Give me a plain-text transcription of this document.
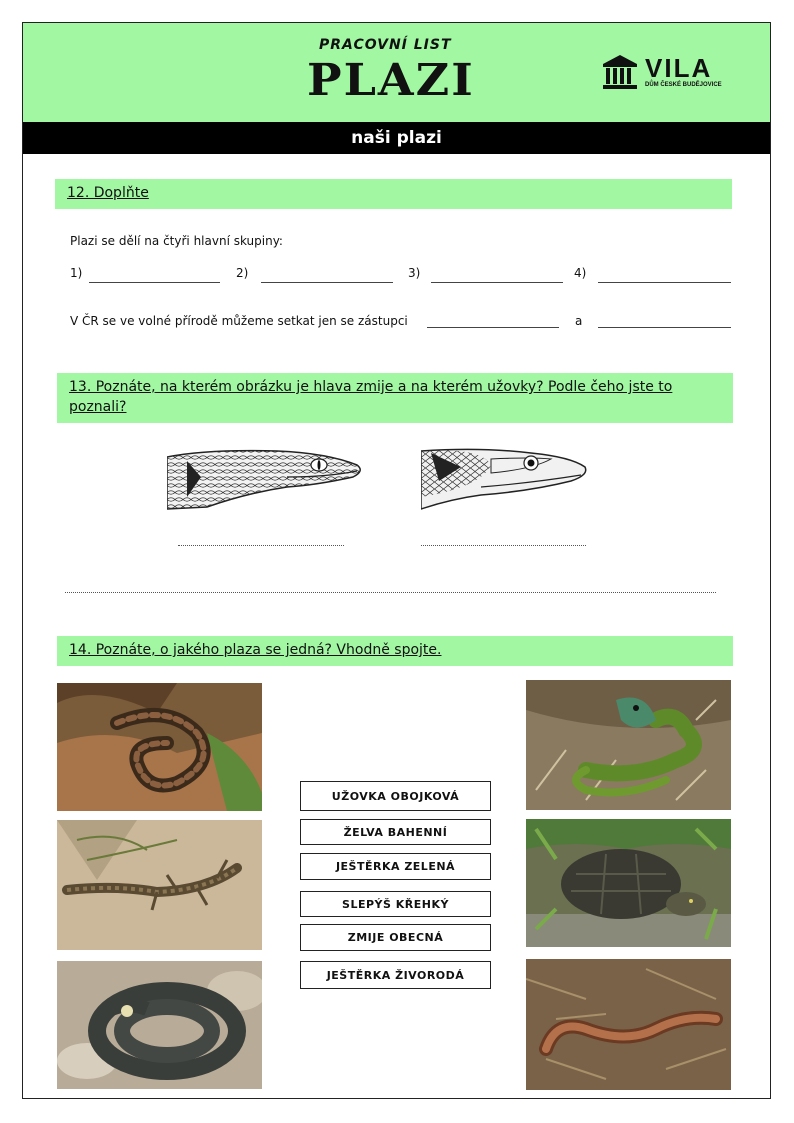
PRACOVNÍ LIST
PLAZI	VILA
DŮM ČESKÉ BUDĚJOVICE
naši plazi
12. Doplňte
Plazi se dělí na čtyři hlavní skupiny:
1)	2)	3)	4)
V ČR se ve volné přírodě můžeme setkat jen se zástupci	a
13. Poznáte, na kterém obrázku je hlava zmije a na kterém užovky? Podle čeho jste to poznali?
14. Poznáte, o jakého plaza se jedná? Vhodně spojte.
UŽOVKA OBOJKOVÁ
ŽELVA BAHENNÍ
JEŠTĚRKA ZELENÁ
SLEPÝŠ KŘEHKÝ
ZMIJE OBECNÁ
JEŠTĚRKA ŽIVORODÁ
